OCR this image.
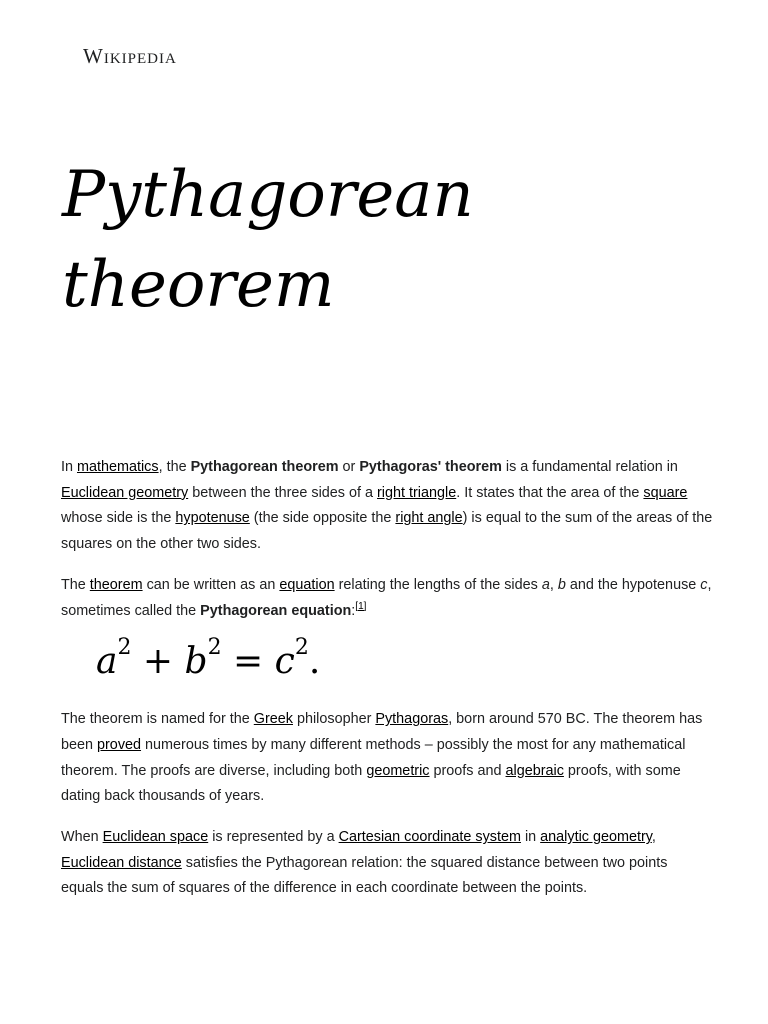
Wikipedia
Pythagorean
theorem

In mathematics, the Pythagorean theorem or Pythagoras' theorem is a fundamental relation in Euclidean geometry between the three sides of a right triangle. It states that the area of the square whose side is the hypotenuse (the side opposite the right angle) is equal to the sum of the areas of the squares on the other two sides.

The theorem can be written as an equation relating the lengths of the sides a, b and the hypotenuse c, sometimes called the Pythagorean equation:[1]

$a^2 + b^2 = c^2$.

The theorem is named for the Greek philosopher Pythagoras, born around 570 BC. The theorem has been proved numerous times by many different methods – possibly the most for any mathematical theorem. The proofs are diverse, including both geometric proofs and algebraic proofs, with some dating back thousands of years.

When Euclidean space is represented by a Cartesian coordinate system in analytic geometry, Euclidean distance satisfies the Pythagorean relation: the squared distance between two points equals the sum of squares of the difference in each coordinate between the points.
